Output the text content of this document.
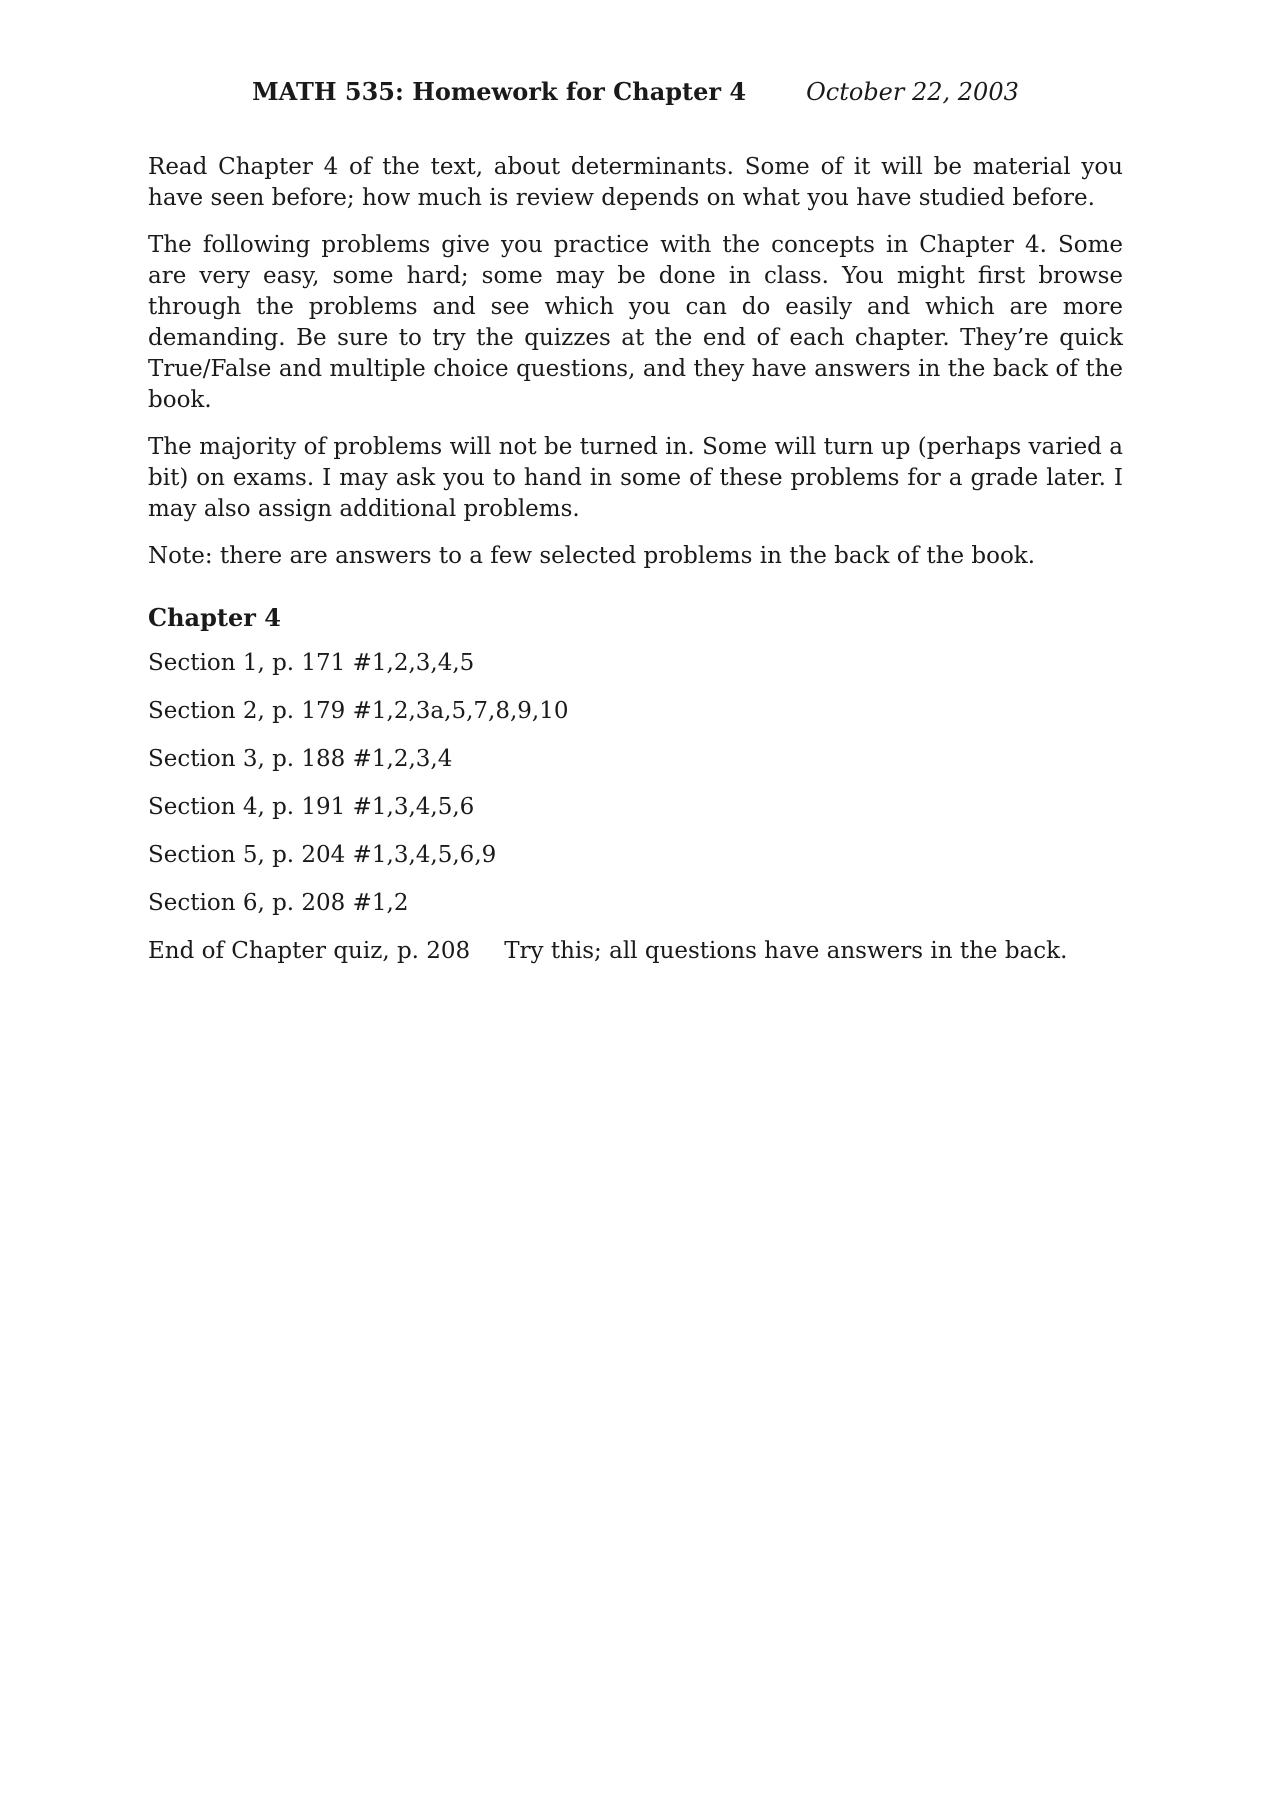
MATH 535: Homework for Chapter 4	October 22, 2003

Read Chapter 4 of the text, about determinants. Some of it will be material you have seen before; how much is review depends on what you have studied before.

The following problems give you practice with the concepts in Chapter 4. Some are very easy, some hard; some may be done in class. You might first browse through the problems and see which you can do easily and which are more demanding. Be sure to try the quizzes at the end of each chapter. They’re quick True/False and multiple choice questions, and they have answers in the back of the book.

The majority of problems will not be turned in. Some will turn up (perhaps varied a bit) on exams. I may ask you to hand in some of these problems for a grade later. I may also assign additional problems.

Note: there are answers to a few selected problems in the back of the book.

Chapter 4
Section 1, p. 171 #1,2,3,4,5
Section 2, p. 179 #1,2,3a,5,7,8,9,10
Section 3, p. 188 #1,2,3,4
Section 4, p. 191 #1,3,4,5,6
Section 5, p. 204 #1,3,4,5,6,9
Section 6, p. 208 #1,2
End of Chapter quiz, p. 208 Try this; all questions have answers in the back.
